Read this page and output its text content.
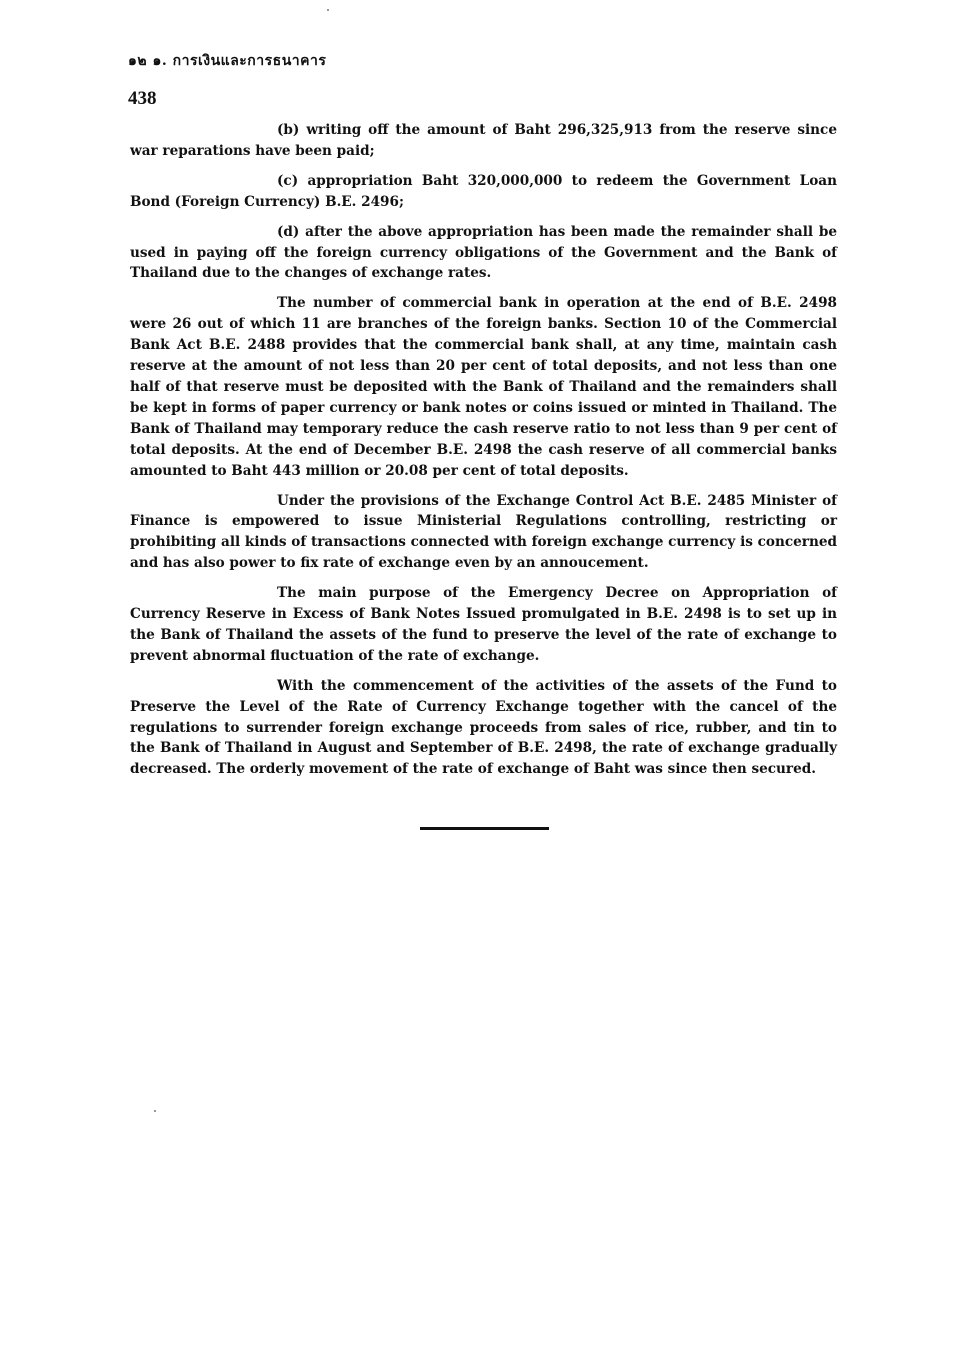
๑๒ ๑. การเงินและการธนาคาร
438

(b) writing off the amount of Baht 296,325,913 from the reserve since war reparations have been paid;

(c) appropriation Baht 320,000,000 to redeem the Government Loan Bond (Foreign Currency) B.E. 2496;

(d) after the above appropriation has been made the remainder shall be used in paying off the foreign currency obligations of the Government and the Bank of Thailand due to the changes of exchange rates.

The number of commercial bank in operation at the end of B.E. 2498 were 26 out of which 11 are branches of the foreign banks. Section 10 of the Commercial Bank Act B.E. 2488 provides that the commercial bank shall, at any time, maintain cash reserve at the amount of not less than 20 per cent of total deposits, and not less than one half of that reserve must be deposited with the Bank of Thailand and the remainders shall be kept in forms of paper currency or bank notes or coins issued or minted in Thailand. The Bank of Thailand may temporary reduce the cash reserve ratio to not less than 9 per cent of total deposits. At the end of December B.E. 2498 the cash reserve of all commercial banks amounted to Baht 443 million or 20.08 per cent of total deposits.

Under the provisions of the Exchange Control Act B.E. 2485 Minister of Finance is empowered to issue Ministerial Regulations controlling, restricting or prohibiting all kinds of transactions connected with foreign exchange currency is concerned and has also power to fix rate of exchange even by an annoucement.

The main purpose of the Emergency Decree on Appropriation of Currency Reserve in Excess of Bank Notes Issued promulgated in B.E. 2498 is to set up in the Bank of Thailand the assets of the fund to preserve the level of the rate of exchange to prevent abnormal fluctuation of the rate of exchange.

With the commencement of the activities of the assets of the Fund to Preserve the Level of the Rate of Currency Exchange together with the cancel of the regulations to surrender foreign exchange proceeds from sales of rice, rubber, and tin to the Bank of Thailand in August and September of B.E. 2498, the rate of exchange gradually decreased. The orderly movement of the rate of exchange of Baht was since then secured.
